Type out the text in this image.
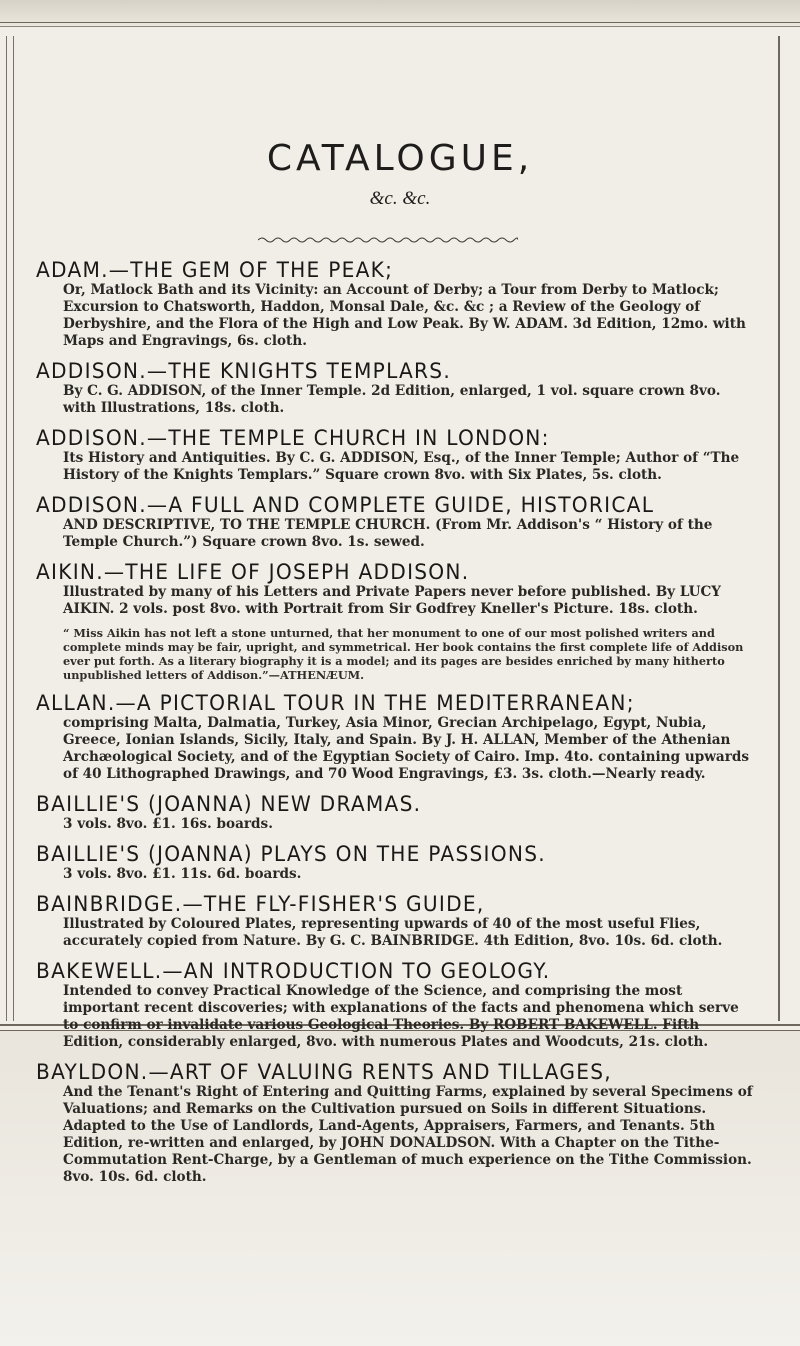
CATALOGUE,
&c. &c.
ADAM.—THE GEM OF THE PEAK;
Or, Matlock Bath and its Vicinity: an Account of Derby; a Tour from Derby to Matlock; Excursion to Chatsworth, Haddon, Monsal Dale, &c. &c ; a Review of the Geology of Derbyshire, and the Flora of the High and Low Peak. By W. ADAM. 3d Edition, 12mo. with Maps and Engravings, 6s. cloth.
ADDISON.—THE KNIGHTS TEMPLARS.
By C. G. ADDISON, of the Inner Temple. 2d Edition, enlarged, 1 vol. square crown 8vo. with Illustrations, 18s. cloth.
ADDISON.—THE TEMPLE CHURCH IN LONDON:
Its History and Antiquities. By C. G. ADDISON, Esq., of the Inner Temple; Author of “The History of the Knights Templars.” Square crown 8vo. with Six Plates, 5s. cloth.
ADDISON.—A FULL AND COMPLETE GUIDE, HISTORICAL
AND DESCRIPTIVE, TO THE TEMPLE CHURCH. (From Mr. Addison's “ History of the Temple Church.”) Square crown 8vo. 1s. sewed.
AIKIN.—THE LIFE OF JOSEPH ADDISON.
Illustrated by many of his Letters and Private Papers never before published. By LUCY AIKIN. 2 vols. post 8vo. with Portrait from Sir Godfrey Kneller's Picture. 18s. cloth.
“ Miss Aikin has not left a stone unturned, that her monument to one of our most polished writers and complete minds may be fair, upright, and symmetrical. Her book contains the first complete life of Addison ever put forth. As a literary biography it is a model; and its pages are besides enriched by many hitherto unpublished letters of Addison.”—ATHENÆUM.
ALLAN.—A PICTORIAL TOUR IN THE MEDITERRANEAN;
comprising Malta, Dalmatia, Turkey, Asia Minor, Grecian Archipelago, Egypt, Nubia, Greece, Ionian Islands, Sicily, Italy, and Spain. By J. H. ALLAN, Member of the Athenian Archæological Society, and of the Egyptian Society of Cairo. Imp. 4to. containing upwards of 40 Lithographed Drawings, and 70 Wood Engravings, £3. 3s. cloth.—Nearly ready.
BAILLIE'S (JOANNA) NEW DRAMAS.
3 vols. 8vo. £1. 16s. boards.
BAILLIE'S (JOANNA) PLAYS ON THE PASSIONS.
3 vols. 8vo. £1. 11s. 6d. boards.
BAINBRIDGE.—THE FLY-FISHER'S GUIDE,
Illustrated by Coloured Plates, representing upwards of 40 of the most useful Flies, accurately copied from Nature. By G. C. BAINBRIDGE. 4th Edition, 8vo. 10s. 6d. cloth.
BAKEWELL.—AN INTRODUCTION TO GEOLOGY.
Intended to convey Practical Knowledge of the Science, and comprising the most important recent discoveries; with explanations of the facts and phenomena which serve to confirm or invalidate various Geological Theories. By ROBERT BAKEWELL. Fifth Edition, considerably enlarged, 8vo. with numerous Plates and Woodcuts, 21s. cloth.
BAYLDON.—ART OF VALUING RENTS AND TILLAGES,
And the Tenant's Right of Entering and Quitting Farms, explained by several Specimens of Valuations; and Remarks on the Cultivation pursued on Soils in different Situations. Adapted to the Use of Landlords, Land-Agents, Appraisers, Farmers, and Tenants. 5th Edition, re-written and enlarged, by JOHN DONALDSON. With a Chapter on the Tithe-Commutation Rent-Charge, by a Gentleman of much experience on the Tithe Commission. 8vo. 10s. 6d. cloth.
